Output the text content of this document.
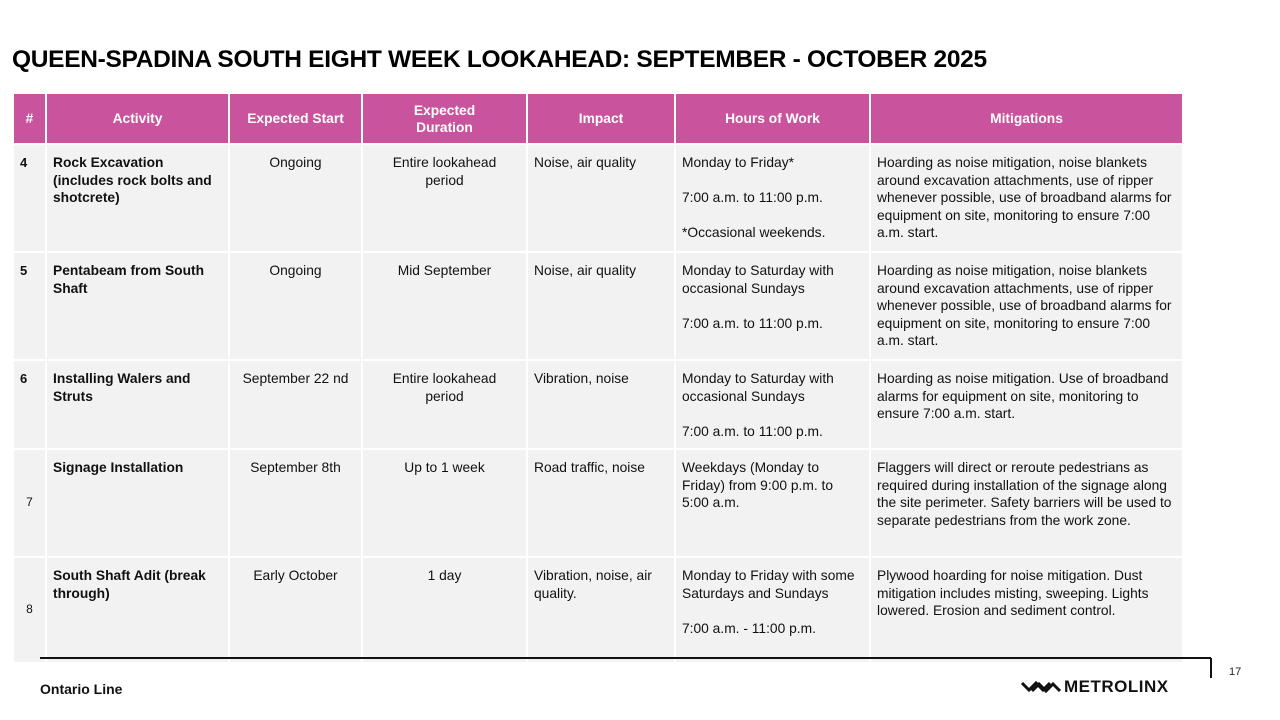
QUEEN-SPADINA SOUTH EIGHT WEEK LOOKAHEAD: SEPTEMBER - OCTOBER 2025
#	Activity	Expected Start	Expected Duration	Impact	Hours of Work	Mitigations
4	Rock Excavation (includes rock bolts and shotcrete)	Ongoing	Entire lookahead period	Noise, air quality	Monday to Friday*
7:00 a.m. to 11:00 p.m.
*Occasional weekends.	Hoarding as noise mitigation, noise blankets around excavation attachments, use of ripper whenever possible, use of broadband alarms for equipment on site, monitoring to ensure 7:00 a.m. start.
5	Pentabeam from South Shaft	Ongoing	Mid September	Noise, air quality	Monday to Saturday with occasional Sundays
7:00 a.m. to 11:00 p.m.	Hoarding as noise mitigation, noise blankets around excavation attachments, use of ripper whenever possible, use of broadband alarms for equipment on site, monitoring to ensure 7:00 a.m. start.
6	Installing Walers and Struts	September 22 nd	Entire lookahead period	Vibration, noise	Monday to Saturday with occasional Sundays
7:00 a.m. to 11:00 p.m.	Hoarding as noise mitigation. Use of broadband alarms for equipment on site, monitoring to ensure 7:00 a.m. start.
7	Signage Installation	September 8th	Up to 1 week	Road traffic, noise	Weekdays (Monday to Friday) from 9:00 p.m. to 5:00 a.m.	Flaggers will direct or reroute pedestrians as required during installation of the signage along the site perimeter. Safety barriers will be used to separate pedestrians from the work zone.
8	South Shaft Adit (break through)	Early October	1 day	Vibration, noise, air quality.	Monday to Friday with some Saturdays and Sundays
7:00 a.m. - 11:00 p.m.	Plywood hoarding for noise mitigation. Dust mitigation includes misting, sweeping. Lights lowered. Erosion and sediment control.
17
Ontario Line	METROLINX
